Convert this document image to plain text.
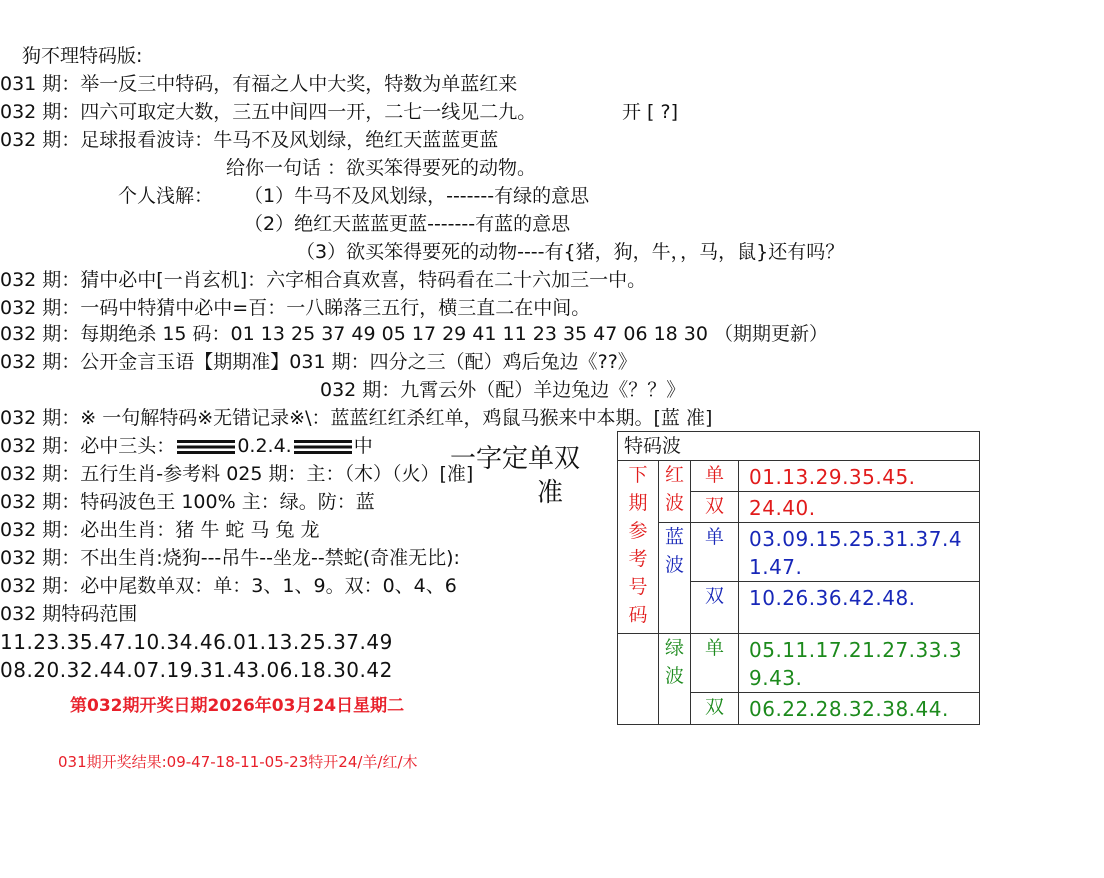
狗不理特码版:
031 期：举一反三中特码，有福之人中大奖，特数为单蓝红来
032 期：四六可取定大数，三五中间四一开，二七一线见二九。	开 [ ?]
032 期：足球报看波诗：牛马不及风划绿，绝红天蓝蓝更蓝
给你一句话 ：欲买笨得要死的动物。
个人浅解： （1）牛马不及风划绿，-------有绿的意思
（2）绝红天蓝蓝更蓝-------有蓝的意思
（3）欲买笨得要死的动物----有{猪，狗，牛，，马，鼠}还有吗？
032 期：猜中必中[一肖玄机]：六字相合真欢喜，特码看在二十六加三一中。
032 期：一码中特猜中必中=百：一八睇落三五行，横三直二在中间。
032 期：每期绝杀 15 码：01 13 25 37 49 05 17 29 41 11 23 35 47 06 18 30 （期期更新）
032 期：公开金言玉语【期期准】031 期：四分之三（配）鸡后兔边《??》
032 期：九霄云外（配）羊边兔边《？？》
032 期：※ 一句解特码※无错记录※\：蓝蓝红红杀红单，鸡鼠马猴来中本期。[蓝 准]
032 期：必中三头：	0.2.4.	中
032 期：五行生肖-参考料 025 期：主：（木）（火）[准]
032 期：特码波色王 100% 主：绿。防：蓝
032 期：必出生肖：猪 牛 蛇 马 兔 龙
032 期：不出生肖:烧狗---吊牛--坐龙--禁蛇(奇准无比):
032 期：必中尾数单双：单：3、1、9。双：0、4、6
032 期特码范围
11.23.35.47.10.34.46.01.13.25.37.49
08.20.32.44.07.19.31.43.06.18.30.42
一字定单双
准
第032期开奖日期2026年03月24日星期二
031期开奖结果:09-47-18-11-05-23特开24/羊/红/木
特码波			

下期参考号码	红波	单	01.13.29.35.45.
		双	24.40.

	蓝波	单	03.09.15.25.31.37.41.47.
		双	10.26.36.42.48.

	绿波	单	05.11.17.21.27.33.39.43.
		双	06.22.28.32.38.44.
